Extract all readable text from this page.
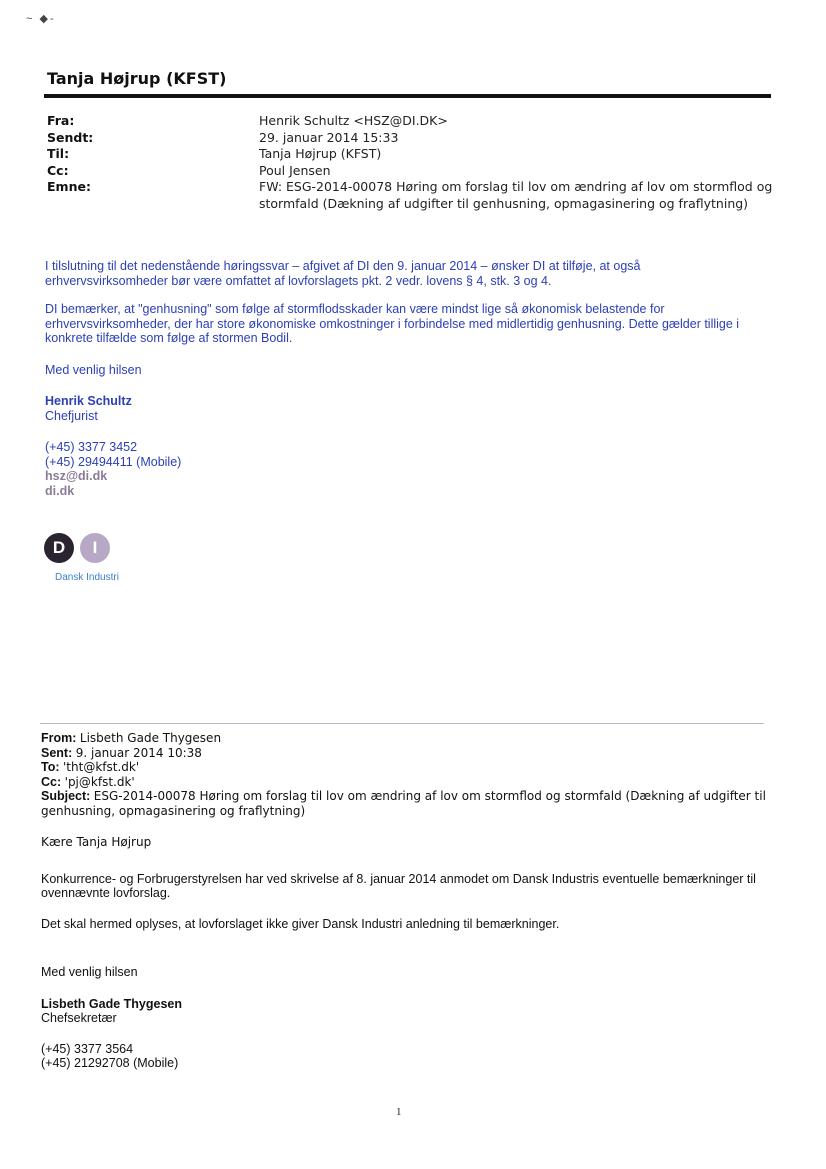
~ ◆-
Tanja Højrup (KFST)
Fra:	Henrik Schultz <HSZ@DI.DK>
Sendt:	29. januar 2014 15:33
Til:	Tanja Højrup (KFST)
Cc:	Poul Jensen
Emne:	FW: ESG-2014-00078 Høring om forslag til lov om ændring af lov om stormflod og stormfald (Dækning af udgifter til genhusning, opmagasinering og fraflytning)

I tilslutning til det nedenstående høringssvar – afgivet af DI den 9. januar 2014 – ønsker DI at tilføje, at også erhvervsvirksomheder bør være omfattet af lovforslagets pkt. 2 vedr. lovens § 4, stk. 3 og 4.

DI bemærker, at "genhusning" som følge af stormflodsskader kan være mindst lige så økonomisk belastende for erhvervsvirksomheder, der har store økonomiske omkostninger i forbindelse med midlertidig genhusning. Dette gælder tillige i konkrete tilfælde som følge af stormen Bodil.

Med venlig hilsen

Henrik Schultz
Chefjurist
(+45) 3377 3452
(+45) 29494411 (Mobile)
hsz@di.dk
di.dk
D	I
Dansk Industri
From: Lisbeth Gade Thygesen
Sent: 9. januar 2014 10:38
To: 'tht@kfst.dk'
Cc: 'pj@kfst.dk'
Subject: ESG-2014-00078 Høring om forslag til lov om ændring af lov om stormflod og stormfald (Dækning af udgifter til genhusning, opmagasinering og fraflytning)

Kære Tanja Højrup

Konkurrence- og Forbrugerstyrelsen har ved skrivelse af 8. januar 2014 anmodet om Dansk Industris eventuelle bemærkninger til ovennævnte lovforslag.

Det skal hermed oplyses, at lovforslaget ikke giver Dansk Industri anledning til bemærkninger.

Med venlig hilsen

Lisbeth Gade Thygesen
Chefsekretær
(+45) 3377 3564
(+45) 21292708 (Mobile)
1
